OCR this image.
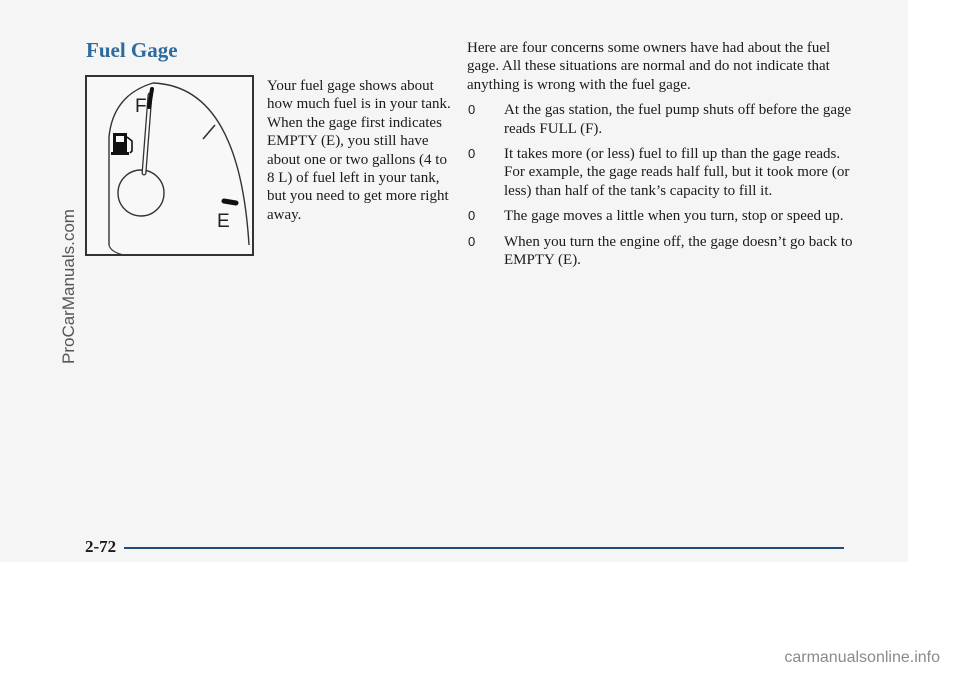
Fuel Gage
F
E

Your fuel gage shows about how much fuel is in your tank. When the gage first indicates EMPTY (E), you still have about one or two gallons (4 to 8 L) of fuel left in your tank, but you need to get more right away.

Here are four concerns some owners have had about the fuel gage. All these situations are normal and do not indicate that anything is wrong with the fuel gage.

0 At the gas station, the fuel pump shuts off before the gage reads FULL (F).
0 It takes more (or less) fuel to fill up than the gage reads. For example, the gage reads half full, but it took more (or less) than half of the tank’s capacity to fill it.
0 The gage moves a little when you turn, stop or speed up.
0 When you turn the engine off, the gage doesn’t go back to EMPTY (E).
2-72
ProCarManuals.com
carmanualsonline.info
